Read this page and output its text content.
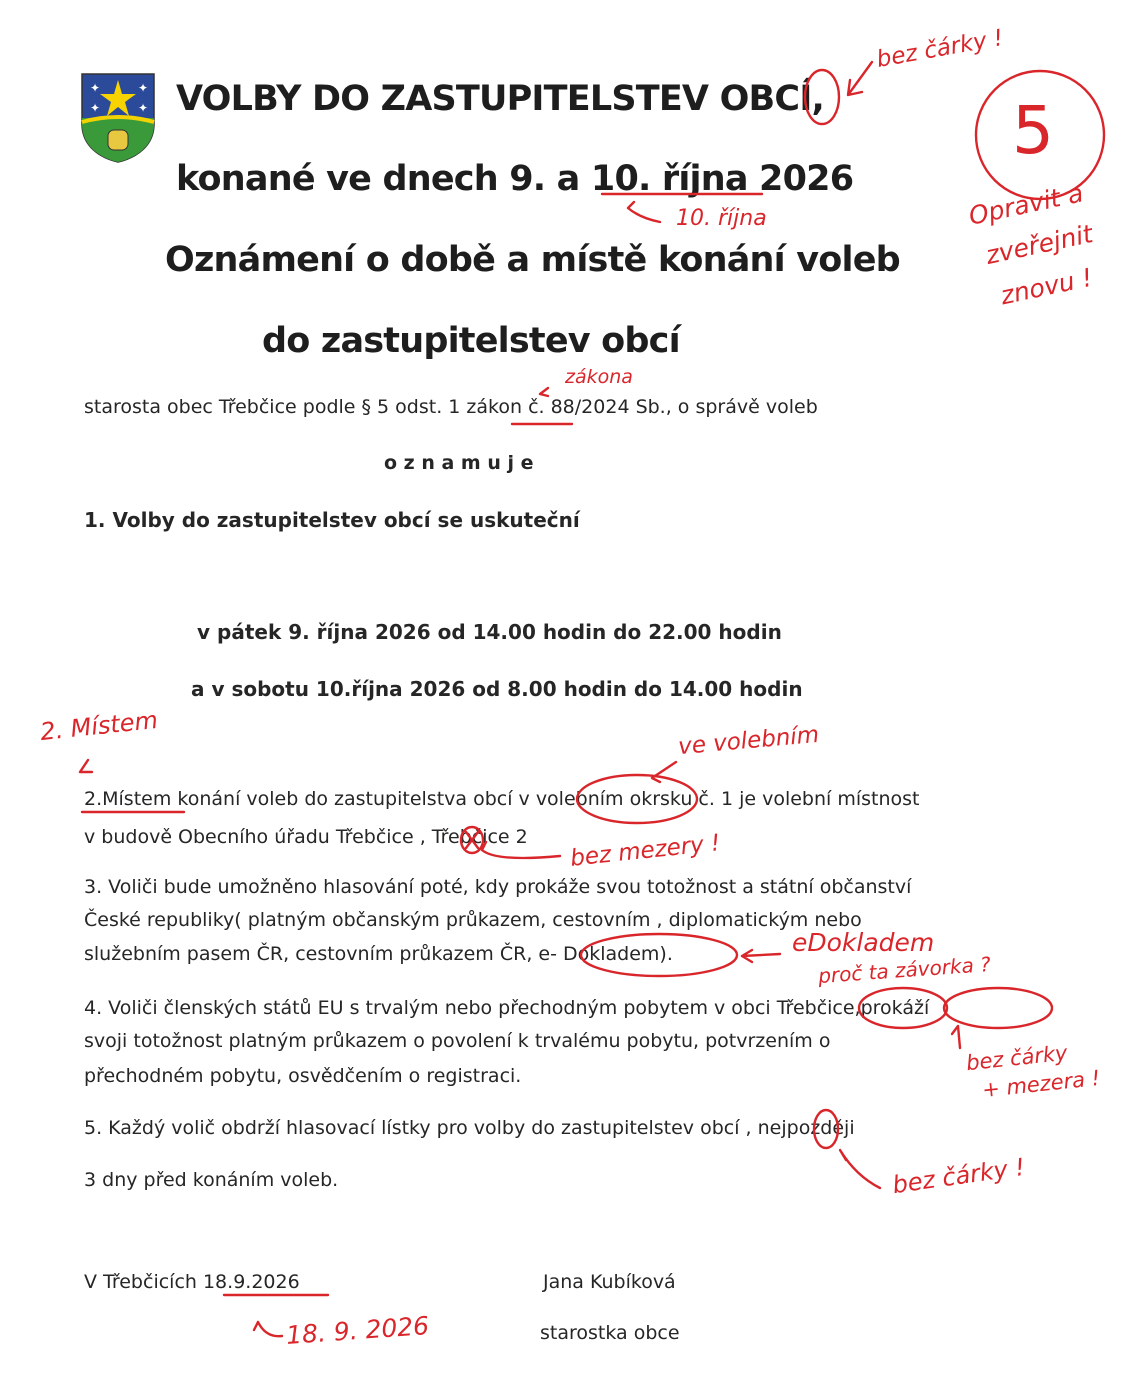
✦	✦
✦	✦ VOLBY DO ZASTUPITELSTEV OBCÍ,
konané ve dnech 9. a 10. října 2026
Oznámení o době a místě konání voleb
do zastupitelstev obcí
starosta obec Třebčice podle § 5 odst. 1 zákon č. 88/2024 Sb., o správě voleb
o z n a m u j e
1. Volby do zastupitelstev obcí se uskuteční
v pátek 9. října 2026 od 14.00 hodin do 22.00 hodin
a v sobotu 10.října 2026 od 8.00 hodin do 14.00 hodin
2.Místem konání voleb do zastupitelstva obcí v volebním okrsku č. 1 je volební místnost
v budově Obecního úřadu Třebčice , Třebčice 2
3. Voliči bude umožněno hlasování poté, kdy prokáže svou totožnost a státní občanství
České republiky( platným občanským průkazem, cestovním , diplomatickým nebo
služebním pasem ČR, cestovním průkazem ČR, e- Dokladem).
4. Voliči členských států EU s trvalým nebo přechodným pobytem v obci Třebčice,prokáží
svoji totožnost platným průkazem o povolení k trvalému pobytu, potvrzením o
přechodném pobytu, osvědčením o registraci.
5. Každý volič obdrží hlasovací lístky pro volby do zastupitelstev obcí , nejpozději
3 dny před konáním voleb.
V Třebčicích 18.9.2026	Jana Kubíková
starostka obce
bez čárky !
5
Opravit a
zveřejnit
znovu !
10. října
zákona
2. Místem	ve volebním
bez mezery !
eDokladem
proč ta závorka ?
bez čárky
+ mezera !
bez čárky !
18. 9. 2026
